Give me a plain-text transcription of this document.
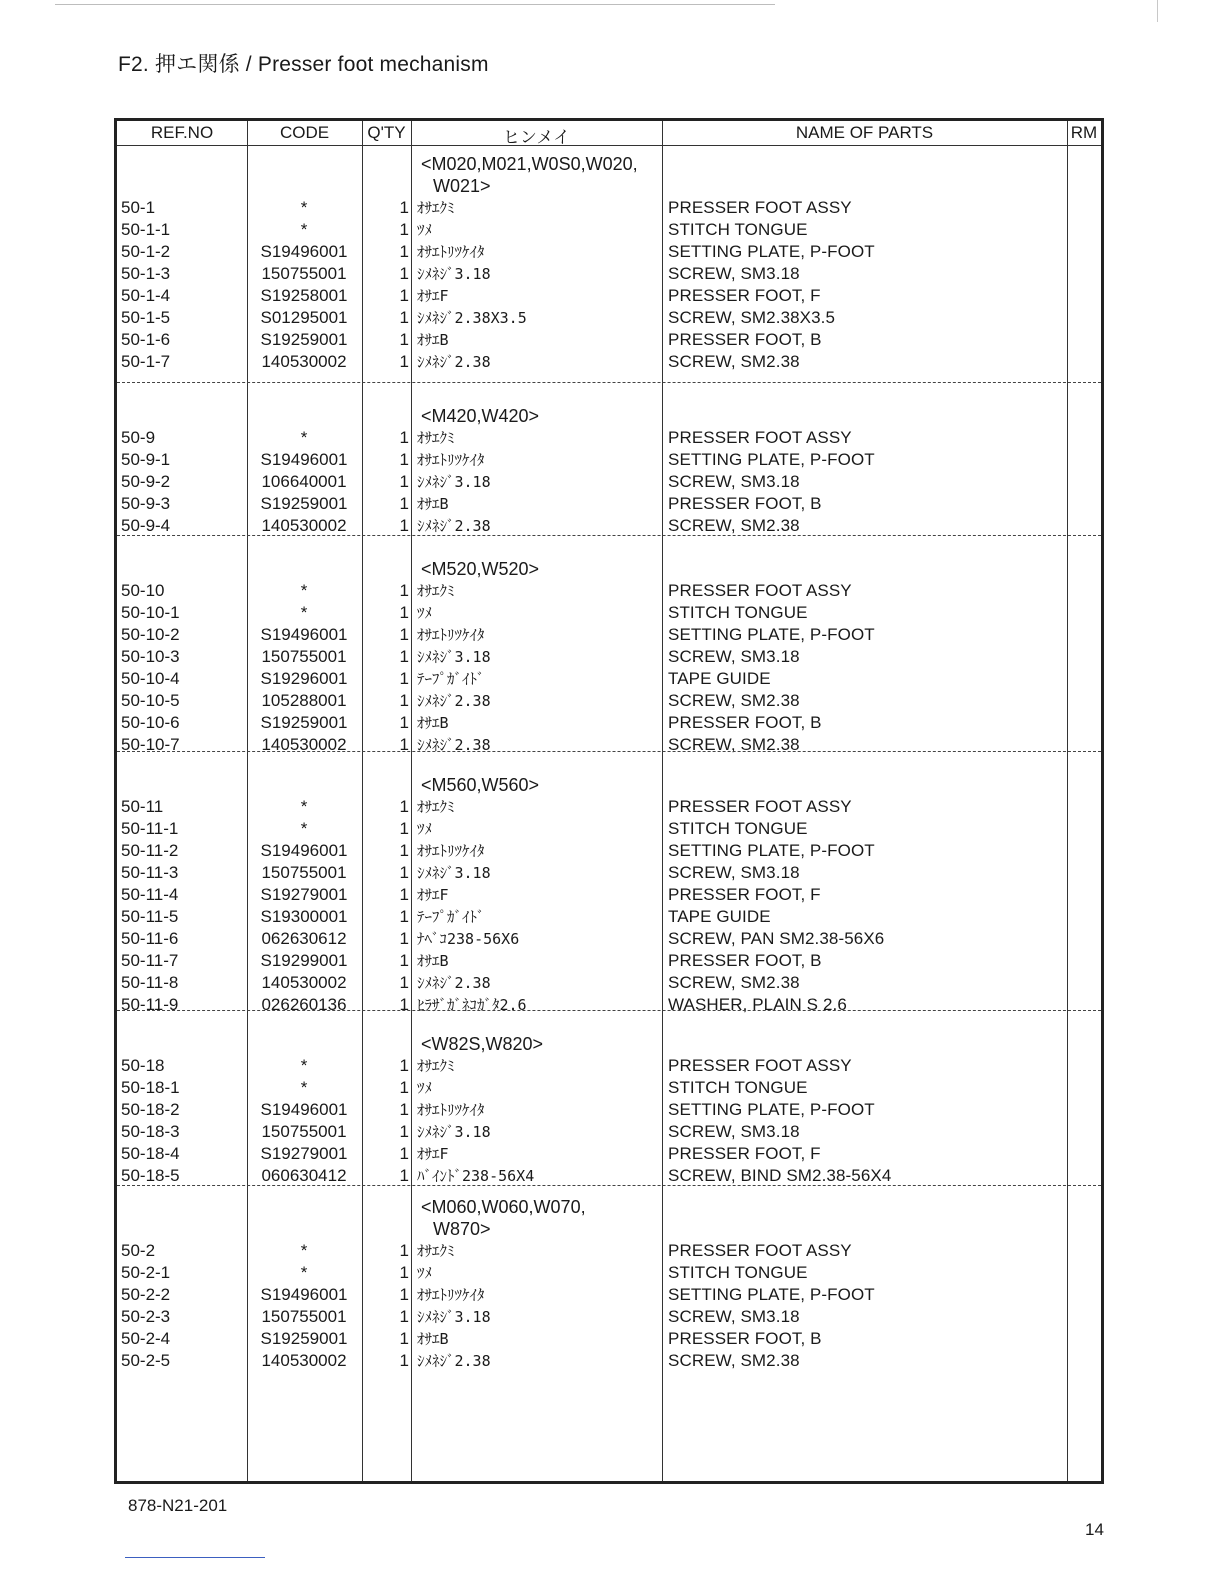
F2. 押エ関係 / Presser foot mechanism
REF.NO	CODE	Q'TY	ヒンメイ	NAME OF PARTS	RM
<M020,M021,W0S0,W020,
W021>
50-1	*	1 ｵｻｴｸﾐ	PRESSER FOOT ASSY
50-1-1	*	1 ﾂﾒ	STITCH TONGUE
50-1-2	S19496001	1 ｵｻｴﾄﾘﾂｹｲﾀ	SETTING PLATE, P-FOOT
50-1-3	150755001	1 ｼﾒﾈｼﾞ3.18	SCREW, SM3.18
50-1-4	S19258001	1 ｵｻｴF	PRESSER FOOT, F
50-1-5	S01295001	1 ｼﾒﾈｼﾞ2.38X3.5	SCREW, SM2.38X3.5
50-1-6	S19259001	1 ｵｻｴB	PRESSER FOOT, B
50-1-7	140530002	1 ｼﾒﾈｼﾞ2.38	SCREW, SM2.38
<M420,W420>
50-9	*	1 ｵｻｴｸﾐ	PRESSER FOOT ASSY
50-9-1	S19496001	1 ｵｻｴﾄﾘﾂｹｲﾀ	SETTING PLATE, P-FOOT
50-9-2	106640001	1 ｼﾒﾈｼﾞ3.18	SCREW, SM3.18
50-9-3	S19259001	1 ｵｻｴB	PRESSER FOOT, B
50-9-4	140530002	1 ｼﾒﾈｼﾞ2.38	SCREW, SM2.38
<M520,W520>
50-10	*	1 ｵｻｴｸﾐ	PRESSER FOOT ASSY
50-10-1	*	1 ﾂﾒ	STITCH TONGUE
50-10-2	S19496001	1 ｵｻｴﾄﾘﾂｹｲﾀ	SETTING PLATE, P-FOOT
50-10-3	150755001	1 ｼﾒﾈｼﾞ3.18	SCREW, SM3.18
50-10-4	S19296001	1 ﾃｰﾌﾟｶﾞｲﾄﾞ	TAPE GUIDE
50-10-5	105288001	1 ｼﾒﾈｼﾞ2.38	SCREW, SM2.38
50-10-6	S19259001	1 ｵｻｴB	PRESSER FOOT, B
50-10-7	140530002	1 ｼﾒﾈｼﾞ2.38	SCREW, SM2.38
<M560,W560>
50-11	*	1 ｵｻｴｸﾐ	PRESSER FOOT ASSY
50-11-1	*	1 ﾂﾒ	STITCH TONGUE
50-11-2	S19496001	1 ｵｻｴﾄﾘﾂｹｲﾀ	SETTING PLATE, P-FOOT
50-11-3	150755001	1 ｼﾒﾈｼﾞ3.18	SCREW, SM3.18
50-11-4	S19279001	1 ｵｻｴF	PRESSER FOOT, F
50-11-5	S19300001	1 ﾃｰﾌﾟｶﾞｲﾄﾞ	TAPE GUIDE
50-11-6	062630612	1 ﾅﾍﾞｺ238-56X6	SCREW, PAN SM2.38-56X6
50-11-7	S19299001	1 ｵｻｴB	PRESSER FOOT, B
50-11-8	140530002	1 ｼﾒﾈｼﾞ2.38	SCREW, SM2.38
50-11-9	026260136	1 ﾋﾗｻﾞｶﾞﾈｺｶﾞﾀ2.6	WASHER, PLAIN S 2.6
<W82S,W820>
50-18	*	1 ｵｻｴｸﾐ	PRESSER FOOT ASSY
50-18-1	*	1 ﾂﾒ	STITCH TONGUE
50-18-2	S19496001	1 ｵｻｴﾄﾘﾂｹｲﾀ	SETTING PLATE, P-FOOT
50-18-3	150755001	1 ｼﾒﾈｼﾞ3.18	SCREW, SM3.18
50-18-4	S19279001	1 ｵｻｴF	PRESSER FOOT, F
50-18-5	060630412	1 ﾊﾞｲﾝﾄﾞ238-56X4	SCREW, BIND SM2.38-56X4
<M060,W060,W070,
W870>
50-2	*	1 ｵｻｴｸﾐ	PRESSER FOOT ASSY
50-2-1	*	1 ﾂﾒ	STITCH TONGUE
50-2-2	S19496001	1 ｵｻｴﾄﾘﾂｹｲﾀ	SETTING PLATE, P-FOOT
50-2-3	150755001	1 ｼﾒﾈｼﾞ3.18	SCREW, SM3.18
50-2-4	S19259001	1 ｵｻｴB	PRESSER FOOT, B
50-2-5	140530002	1 ｼﾒﾈｼﾞ2.38	SCREW, SM2.38
878-N21-201
14
